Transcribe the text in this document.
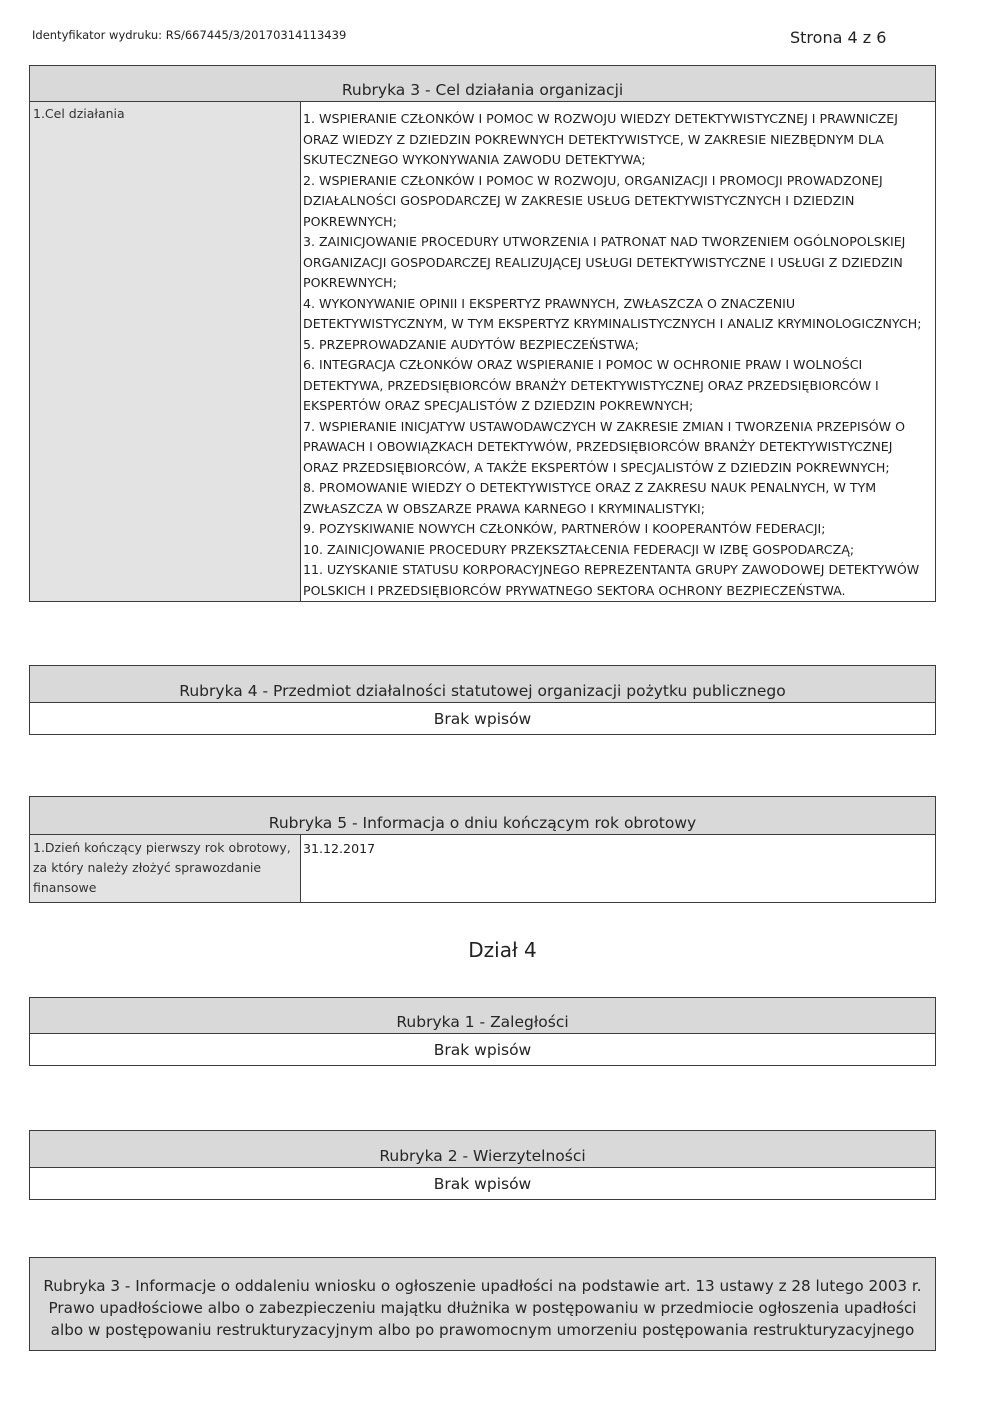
Identyfikator wydruku: RS/667445/3/20170314113439	Strona 4 z 6
Rubryka 3 - Cel działania organizacji
1.Cel działania	1. WSPIERANIE CZŁONKÓW I POMOC W ROZWOJU WIEDZY DETEKTYWISTYCZNEJ I PRAWNICZEJ ORAZ WIEDZY Z DZIEDZIN POKREWNYCH DETEKTYWISTYCE, W ZAKRESIE NIEZBĘDNYM DLA SKUTECZNEGO WYKONYWANIA ZAWODU DETEKTYWA;

2. WSPIERANIE CZŁONKÓW I POMOC W ROZWOJU, ORGANIZACJI I PROMOCJI PROWADZONEJ DZIAŁALNOŚCI GOSPODARCZEJ W ZAKRESIE USŁUG DETEKTYWISTYCZNYCH I DZIEDZIN POKREWNYCH;

3. ZAINICJOWANIE PROCEDURY UTWORZENIA I PATRONAT NAD TWORZENIEM OGÓLNOPOLSKIEJ ORGANIZACJI GOSPODARCZEJ REALIZUJĄCEJ USŁUGI DETEKTYWISTYCZNE I USŁUGI Z DZIEDZIN POKREWNYCH;

4. WYKONYWANIE OPINII I EKSPERTYZ PRAWNYCH, ZWŁASZCZA O ZNACZENIU DETEKTYWISTYCZNYM, W TYM EKSPERTYZ KRYMINALISTYCZNYCH I ANALIZ KRYMINOLOGICZNYCH;

5. PRZEPROWADZANIE AUDYTÓW BEZPIECZEŃSTWA;

6. INTEGRACJA CZŁONKÓW ORAZ WSPIERANIE I POMOC W OCHRONIE PRAW I WOLNOŚCI DETEKTYWA, PRZEDSIĘBIORCÓW BRANŻY DETEKTYWISTYCZNEJ ORAZ PRZEDSIĘBIORCÓW I EKSPERTÓW ORAZ SPECJALISTÓW Z DZIEDZIN POKREWNYCH;

7. WSPIERANIE INICJATYW USTAWODAWCZYCH W ZAKRESIE ZMIAN I TWORZENIA PRZEPISÓW O PRAWACH I OBOWIĄZKACH DETEKTYWÓW, PRZEDSIĘBIORCÓW BRANŻY DETEKTYWISTYCZNEJ ORAZ PRZEDSIĘBIORCÓW, A TAKŻE EKSPERTÓW I SPECJALISTÓW Z DZIEDZIN POKREWNYCH;

8. PROMOWANIE WIEDZY O DETEKTYWISTYCE ORAZ Z ZAKRESU NAUK PENALNYCH, W TYM ZWŁASZCZA W OBSZARZE PRAWA KARNEGO I KRYMINALISTYKI;

9. POZYSKIWANIE NOWYCH CZŁONKÓW, PARTNERÓW I KOOPERANTÓW FEDERACJI;

10. ZAINICJOWANIE PROCEDURY PRZEKSZTAŁCENIA FEDERACJI W IZBĘ GOSPODARCZĄ;

11. UZYSKANIE STATUSU KORPORACYJNEGO REPREZENTANTA GRUPY ZAWODOWEJ DETEKTYWÓW POLSKICH I PRZEDSIĘBIORCÓW PRYWATNEGO SEKTORA OCHRONY BEZPIECZEŃSTWA.

Rubryka 4 - Przedmiot działalności statutowej organizacji pożytku publicznego
Brak wpisów
Rubryka 5 - Informacja o dniu kończącym rok obrotowy
1.Dzień kończący pierwszy rok obrotowy, za który należy złożyć sprawozdanie finansowe
31.12.2017
Dział 4
Rubryka 1 - Zaległości
Brak wpisów
Rubryka 2 - Wierzytelności
Brak wpisów
Rubryka 3 - Informacje o oddaleniu wniosku o ogłoszenie upadłości na podstawie art. 13 ustawy z 28 lutego 2003 r. Prawo upadłościowe albo o zabezpieczeniu majątku dłużnika w postępowaniu w przedmiocie ogłoszenia upadłości albo w postępowaniu restrukturyzacyjnym albo po prawomocnym umorzeniu postępowania restrukturyzacyjnego
